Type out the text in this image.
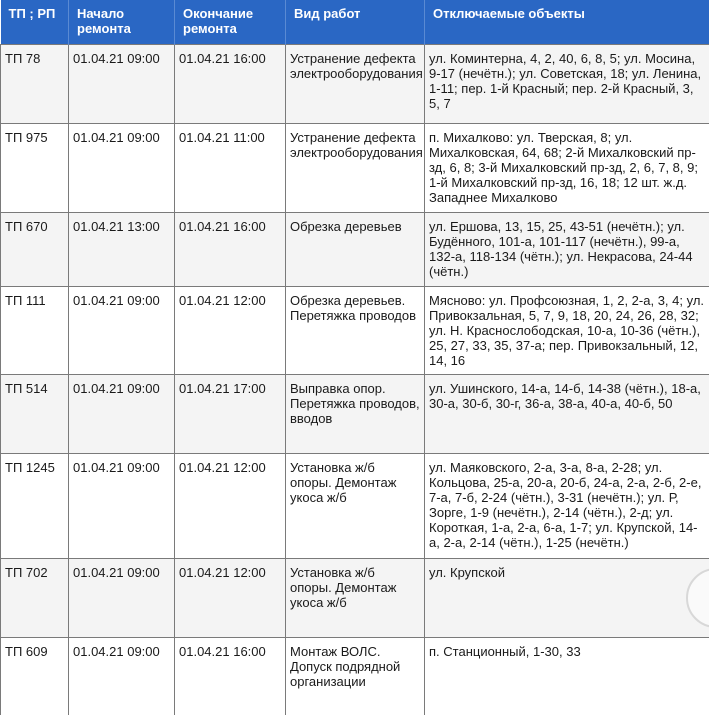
ТП ; РП	Начало ремонта	Окончание ремонта	Вид работ	Отключаемые объекты
ТП 78	01.04.21 09:00	01.04.21 16:00	Устранение дефекта электрооборудования	ул. Коминтерна, 4, 2, 40, 6, 8, 5; ул. Мосина, 9-17 (нечётн.); ул. Советская, 18; ул. Ленина, 1-11; пер. 1-й Красный; пер. 2-й Красный, 3, 5, 7
ТП 975	01.04.21 09:00	01.04.21 11:00	Устранение дефекта электрооборудования	п. Михалково: ул. Тверская, 8; ул. Михалковская, 64, 68; 2-й Михалковский пр-зд, 6, 8; 3-й Михалковский пр-зд, 2, 6, 7, 8, 9; 1-й Михалковский пр-зд, 16, 18; 12 шт. ж.д. Западнее Михалково
ТП 670	01.04.21 13:00	01.04.21 16:00	Обрезка деревьев	ул. Ершова, 13, 15, 25, 43-51 (нечётн.); ул. Будённого, 101-а, 101-117 (нечётн.), 99-а, 132-а, 118-134 (чётн.); ул. Некрасова, 24-44 (чётн.)
ТП 111	01.04.21 09:00	01.04.21 12:00	Обрезка деревьев. Перетяжка проводов	Мясново: ул. Профсоюзная, 1, 2, 2-а, 3, 4; ул. Привокзальная, 5, 7, 9, 18, 20, 24, 26, 28, 32; ул. Н. Краснослободская, 10-а, 10-36 (чётн.), 25, 27, 33, 35, 37-а; пер. Привокзальный, 12, 14, 16
ТП 514	01.04.21 09:00	01.04.21 17:00	Выправка опор. Перетяжка проводов, вводов	ул. Ушинского, 14-а, 14-б, 14-38 (чётн.), 18-а, 30-а, 30-б, 30-г, 36-а, 38-а, 40-а, 40-б, 50
ТП 1245	01.04.21 09:00	01.04.21 12:00	Установка ж/б опоры. Демонтаж укоса ж/б	ул. Маяковского, 2-а, 3-а, 8-а, 2-28; ул. Кольцова, 25-а, 20-а, 20-б, 24-а, 2-а, 2-б, 2-е, 7-а, 7-б, 2-24 (чётн.), 3-31 (нечётн.); ул. Р, Зорге, 1-9 (нечётн.), 2-14 (чётн.), 2-д; ул. Короткая, 1-а, 2-а, 6-а, 1-7; ул. Крупской, 14-а, 2-а, 2-14 (чётн.), 1-25 (нечётн.)
ТП 702	01.04.21 09:00	01.04.21 12:00	Установка ж/б опоры. Демонтаж укоса ж/б	ул. Крупской
ТП 609	01.04.21 09:00	01.04.21 16:00	Монтаж ВОЛС. Допуск подрядной организации	п. Станционный, 1-30, 33
